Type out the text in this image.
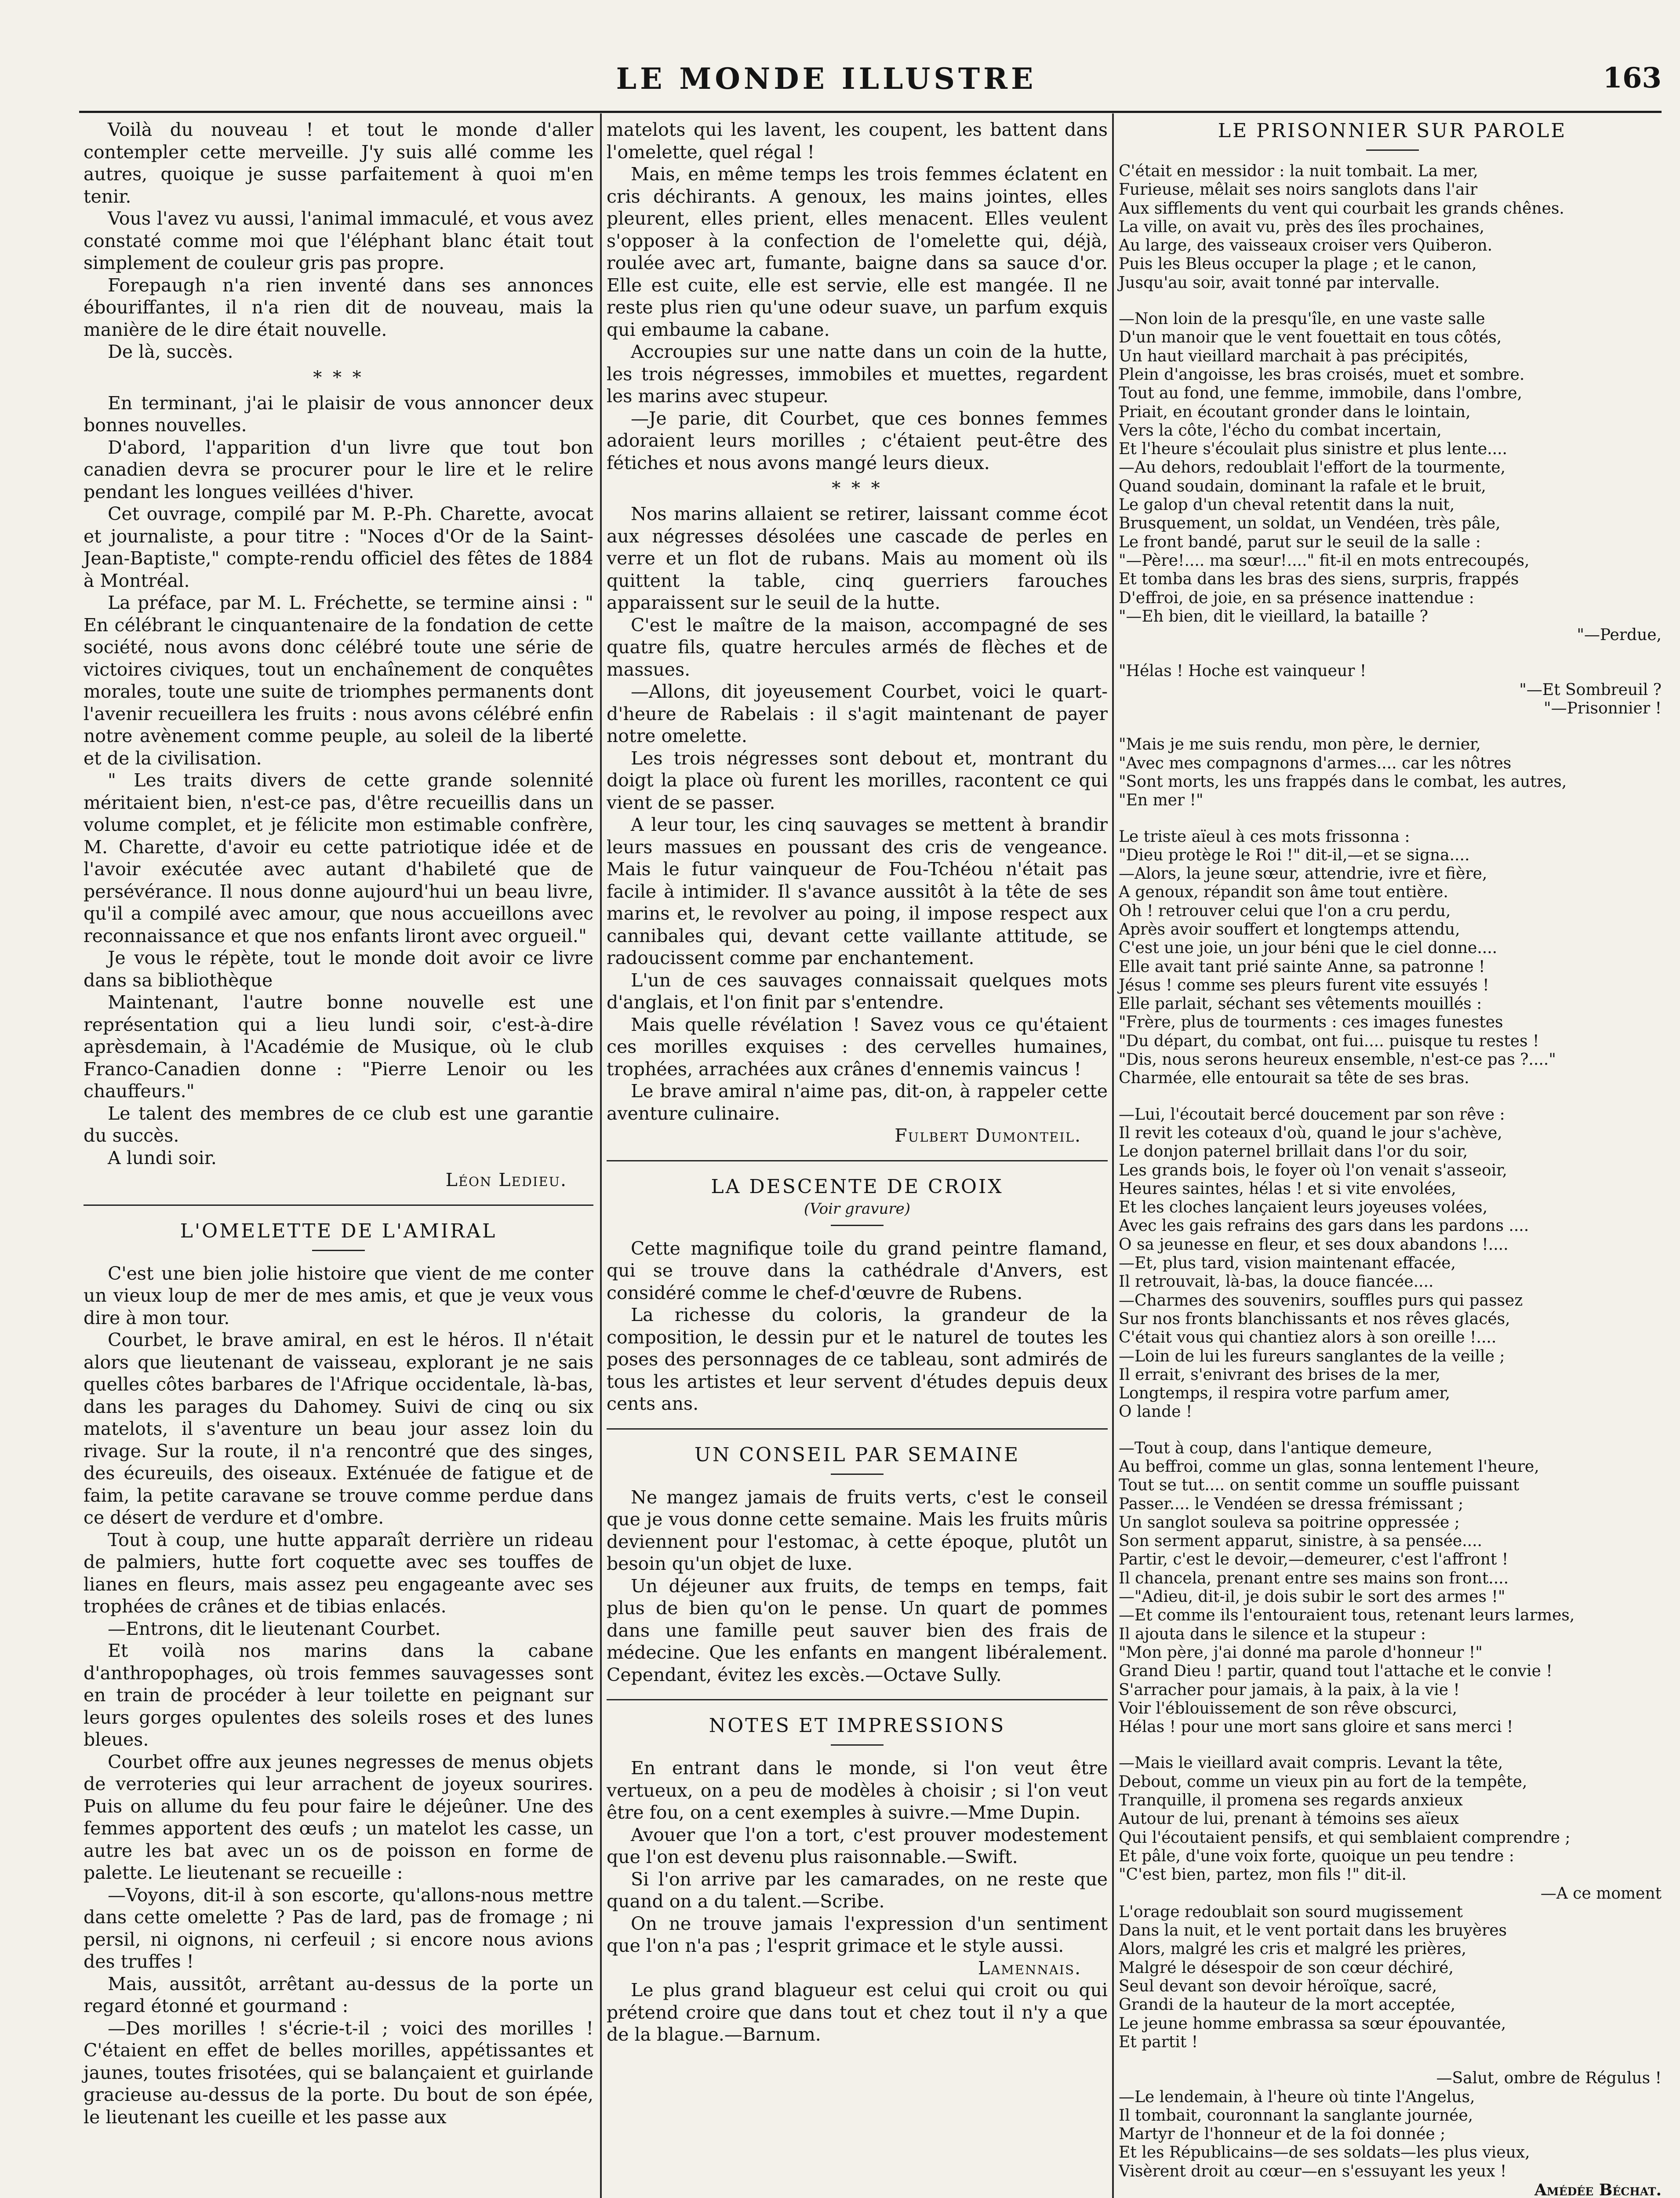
LE MONDE ILLUSTRE	163

Voilà du nouveau ! et tout le monde d'aller contempler cette merveille. J'y suis allé comme les autres, quoique je susse parfaitement à quoi m'en tenir.

Vous l'avez vu aussi, l'animal immaculé, et vous avez constaté comme moi que l'éléphant blanc était tout simplement de couleur gris pas propre.

Forepaugh n'a rien inventé dans ses annonces ébouriffantes, il n'a rien dit de nouveau, mais la manière de le dire était nouvelle.

De là, succès.

* * *

En terminant, j'ai le plaisir de vous annoncer deux bonnes nouvelles.

D'abord, l'apparition d'un livre que tout bon canadien devra se procurer pour le lire et le relire pendant les longues veillées d'hiver.

Cet ouvrage, compilé par M. P.-Ph. Charette, avocat et journaliste, a pour titre : "Noces d'Or de la Saint-Jean-Baptiste," compte-rendu officiel des fêtes de 1884 à Montréal.

La préface, par M. L. Fréchette, se termine ainsi : " En célébrant le cinquantenaire de la fondation de cette société, nous avons donc célébré toute une série de victoires civiques, tout un enchaînement de conquêtes morales, toute une suite de triomphes permanents dont l'avenir recueillera les fruits : nous avons célébré enfin notre avènement comme peuple, au soleil de la liberté et de la civilisation.

" Les traits divers de cette grande solennité méritaient bien, n'est-ce pas, d'être recueillis dans un volume complet, et je félicite mon estimable confrère, M. Charette, d'avoir eu cette patriotique idée et de l'avoir exécutée avec autant d'habileté que de persévérance. Il nous donne aujourd'hui un beau livre, qu'il a compilé avec amour, que nous accueillons avec reconnaissance et que nos enfants liront avec orgueil."

Je vous le répète, tout le monde doit avoir ce livre dans sa bibliothèque

Maintenant, l'autre bonne nouvelle est une représentation qui a lieu lundi soir, c'est-à-dire aprèsdemain, à l'Académie de Musique, où le club Franco-Canadien donne : "Pierre Lenoir ou les chauffeurs."

Le talent des membres de ce club est une garantie du succès.

A lundi soir.

Léon Ledieu.

L'OMELETTE DE L'AMIRAL

C'est une bien jolie histoire que vient de me conter un vieux loup de mer de mes amis, et que je veux vous dire à mon tour.

Courbet, le brave amiral, en est le héros. Il n'était alors que lieutenant de vaisseau, explorant je ne sais quelles côtes barbares de l'Afrique occidentale, là-bas, dans les parages du Dahomey. Suivi de cinq ou six matelots, il s'aventure un beau jour assez loin du rivage. Sur la route, il n'a rencontré que des singes, des écureuils, des oiseaux. Exténuée de fatigue et de faim, la petite caravane se trouve comme perdue dans ce désert de verdure et d'ombre.

Tout à coup, une hutte apparaît derrière un rideau de palmiers, hutte fort coquette avec ses touffes de lianes en fleurs, mais assez peu engageante avec ses trophées de crânes et de tibias enlacés.

—Entrons, dit le lieutenant Courbet.

Et voilà nos marins dans la cabane d'anthropophages, où trois femmes sauvagesses sont en train de procéder à leur toilette en peignant sur leurs gorges opulentes des soleils roses et des lunes bleues.

Courbet offre aux jeunes negresses de menus objets de verroteries qui leur arrachent de joyeux sourires. Puis on allume du feu pour faire le déjeûner. Une des femmes apportent des œufs ; un matelot les casse, un autre les bat avec un os de poisson en forme de palette. Le lieutenant se recueille :

—Voyons, dit-il à son escorte, qu'allons-nous mettre dans cette omelette ? Pas de lard, pas de fromage ; ni persil, ni oignons, ni cerfeuil ; si encore nous avions des truffes !

Mais, aussitôt, arrêtant au-dessus de la porte un regard étonné et gourmand :

—Des morilles ! s'écrie-t-il ; voici des morilles ! C'étaient en effet de belles morilles, appétissantes et jaunes, toutes frisotées, qui se balançaient et guirlande gracieuse au-dessus de la porte. Du bout de son épée, le lieutenant les cueille et les passe aux

matelots qui les lavent, les coupent, les battent dans l'omelette, quel régal !

Mais, en même temps les trois femmes éclatent en cris déchirants. A genoux, les mains jointes, elles pleurent, elles prient, elles menacent. Elles veulent s'opposer à la confection de l'omelette qui, déjà, roulée avec art, fumante, baigne dans sa sauce d'or. Elle est cuite, elle est servie, elle est mangée. Il ne reste plus rien qu'une odeur suave, un parfum exquis qui embaume la cabane.

Accroupies sur une natte dans un coin de la hutte, les trois négresses, immobiles et muettes, regardent les marins avec stupeur.

—Je parie, dit Courbet, que ces bonnes femmes adoraient leurs morilles ; c'étaient peut-être des fétiches et nous avons mangé leurs dieux.

* * *

Nos marins allaient se retirer, laissant comme écot aux négresses désolées une cascade de perles en verre et un flot de rubans. Mais au moment où ils quittent la table, cinq guerriers farouches apparaissent sur le seuil de la hutte.

C'est le maître de la maison, accompagné de ses quatre fils, quatre hercules armés de flèches et de massues.

—Allons, dit joyeusement Courbet, voici le quart-d'heure de Rabelais : il s'agit maintenant de payer notre omelette.

Les trois négresses sont debout et, montrant du doigt la place où furent les morilles, racontent ce qui vient de se passer.

A leur tour, les cinq sauvages se mettent à brandir leurs massues en poussant des cris de vengeance. Mais le futur vainqueur de Fou-Tchéou n'était pas facile à intimider. Il s'avance aussitôt à la tête de ses marins et, le revolver au poing, il impose respect aux cannibales qui, devant cette vaillante attitude, se radoucissent comme par enchantement.

L'un de ces sauvages connaissait quelques mots d'anglais, et l'on finit par s'entendre.

Mais quelle révélation ! Savez vous ce qu'étaient ces morilles exquises : des cervelles humaines, trophées, arrachées aux crânes d'ennemis vaincus !

Le brave amiral n'aime pas, dit-on, à rappeler cette aventure culinaire.

Fulbert Dumonteil.

LA DESCENTE DE CROIX
(Voir gravure)

Cette magnifique toile du grand peintre flamand, qui se trouve dans la cathédrale d'Anvers, est considéré comme le chef-d'œuvre de Rubens.

La richesse du coloris, la grandeur de la composition, le dessin pur et le naturel de toutes les poses des personnages de ce tableau, sont admirés de tous les artistes et leur servent d'études depuis deux cents ans.

UN CONSEIL PAR SEMAINE

Ne mangez jamais de fruits verts, c'est le conseil que je vous donne cette semaine. Mais les fruits mûris deviennent pour l'estomac, à cette époque, plutôt un besoin qu'un objet de luxe.

Un déjeuner aux fruits, de temps en temps, fait plus de bien qu'on le pense. Un quart de pommes dans une famille peut sauver bien des frais de médecine. Que les enfants en mangent libéralement. Cependant, évitez les excès.—Octave Sully.

NOTES ET IMPRESSIONS

En entrant dans le monde, si l'on veut être vertueux, on a peu de modèles à choisir ; si l'on veut être fou, on a cent exemples à suivre.—Mme Dupin.

Avouer que l'on a tort, c'est prouver modestement que l'on est devenu plus raisonnable.—Swift.

Si l'on arrive par les camarades, on ne reste que quand on a du talent.—Scribe.

On ne trouve jamais l'expression d'un sentiment que l'on n'a pas ; l'esprit grimace et le style aussi.

Lamennais.

Le plus grand blagueur est celui qui croit ou qui prétend croire que dans tout et chez tout il n'y a que de la blague.—Barnum.

LE PRISONNIER SUR PAROLE
C'était en messidor : la nuit tombait. La mer,
Furieuse, mêlait ses noirs sanglots dans l'air
Aux sifflements du vent qui courbait les grands chênes.
La ville, on avait vu, près des îles prochaines,
Au large, des vaisseaux croiser vers Quiberon.
Puis les Bleus occuper la plage ; et le canon,
Jusqu'au soir, avait tonné par intervalle.
—Non loin de la presqu'île, en une vaste salle
D'un manoir que le vent fouettait en tous côtés,
Un haut vieillard marchait à pas précipités,
Plein d'angoisse, les bras croisés, muet et sombre.
Tout au fond, une femme, immobile, dans l'ombre,
Priait, en écoutant gronder dans le lointain,
Vers la côte, l'écho du combat incertain,
Et l'heure s'écoulait plus sinistre et plus lente....
—Au dehors, redoublait l'effort de la tourmente,
Quand soudain, dominant la rafale et le bruit,
Le galop d'un cheval retentit dans la nuit,
Brusquement, un soldat, un Vendéen, très pâle,
Le front bandé, parut sur le seuil de la salle :
"—Père!.... ma sœur!...." fit-il en mots entrecoupés,
Et tomba dans les bras des siens, surpris, frappés
D'effroi, de joie, en sa présence inattendue :
"—Eh bien, dit le vieillard, la bataille ?
"—Perdue,
"Hélas ! Hoche est vainqueur !
"—Et Sombreuil ?
"—Prisonnier !
"Mais je me suis rendu, mon père, le dernier,
"Avec mes compagnons d'armes.... car les nôtres
"Sont morts, les uns frappés dans le combat, les autres,
"En mer !"
Le triste aïeul à ces mots frissonna :
"Dieu protège le Roi !" dit-il,—et se signa....
—Alors, la jeune sœur, attendrie, ivre et fière,
A genoux, répandit son âme tout entière.
Oh ! retrouver celui que l'on a cru perdu,
Après avoir souffert et longtemps attendu,
C'est une joie, un jour béni que le ciel donne....
Elle avait tant prié sainte Anne, sa patronne !
Jésus ! comme ses pleurs furent vite essuyés !
Elle parlait, séchant ses vêtements mouillés :
"Frère, plus de tourments : ces images funestes
"Du départ, du combat, ont fui.... puisque tu restes !
"Dis, nous serons heureux ensemble, n'est-ce pas ?...."
Charmée, elle entourait sa tête de ses bras.
—Lui, l'écoutait bercé doucement par son rêve :
Il revit les coteaux d'où, quand le jour s'achève,
Le donjon paternel brillait dans l'or du soir,
Les grands bois, le foyer où l'on venait s'asseoir,
Heures saintes, hélas ! et si vite envolées,
Et les cloches lançaient leurs joyeuses volées,
Avec les gais refrains des gars dans les pardons ....
O sa jeunesse en fleur, et ses doux abandons !....
—Et, plus tard, vision maintenant effacée,
Il retrouvait, là-bas, la douce fiancée....
—Charmes des souvenirs, souffles purs qui passez
Sur nos fronts blanchissants et nos rêves glacés,
C'était vous qui chantiez alors à son oreille !....
—Loin de lui les fureurs sanglantes de la veille ;
Il errait, s'enivrant des brises de la mer,
Longtemps, il respira votre parfum amer,
O lande !
—Tout à coup, dans l'antique demeure,
Au beffroi, comme un glas, sonna lentement l'heure,
Tout se tut.... on sentit comme un souffle puissant
Passer.... le Vendéen se dressa frémissant ;
Un sanglot souleva sa poitrine oppressée ;
Son serment apparut, sinistre, à sa pensée....
Partir, c'est le devoir,—demeurer, c'est l'affront !
Il chancela, prenant entre ses mains son front....
—"Adieu, dit-il, je dois subir le sort des armes !"
—Et comme ils l'entouraient tous, retenant leurs larmes,
Il ajouta dans le silence et la stupeur :
"Mon père, j'ai donné ma parole d'honneur !"
Grand Dieu ! partir, quand tout l'attache et le convie !
S'arracher pour jamais, à la paix, à la vie !
Voir l'éblouissement de son rêve obscurci,
Hélas ! pour une mort sans gloire et sans merci !
—Mais le vieillard avait compris. Levant la tête,
Debout, comme un vieux pin au fort de la tempête,
Tranquille, il promena ses regards anxieux
Autour de lui, prenant à témoins ses aïeux
Qui l'écoutaient pensifs, et qui semblaient comprendre ;
Et pâle, d'une voix forte, quoique un peu tendre :
"C'est bien, partez, mon fils !" dit-il.
—A ce moment
L'orage redoublait son sourd mugissement
Dans la nuit, et le vent portait dans les bruyères
Alors, malgré les cris et malgré les prières,
Malgré le désespoir de son cœur déchiré,
Seul devant son devoir héroïque, sacré,
Grandi de la hauteur de la mort acceptée,
Le jeune homme embrassa sa sœur épouvantée,
Et partit !
—Salut, ombre de Régulus !
—Le lendemain, à l'heure où tinte l'Angelus,
Il tombait, couronnant la sanglante journée,
Martyr de l'honneur et de la foi donnée ;
Et les Républicains—de ses soldats—les plus vieux,
Visèrent droit au cœur—en s'essuyant les yeux !
Amédée Béchat.
